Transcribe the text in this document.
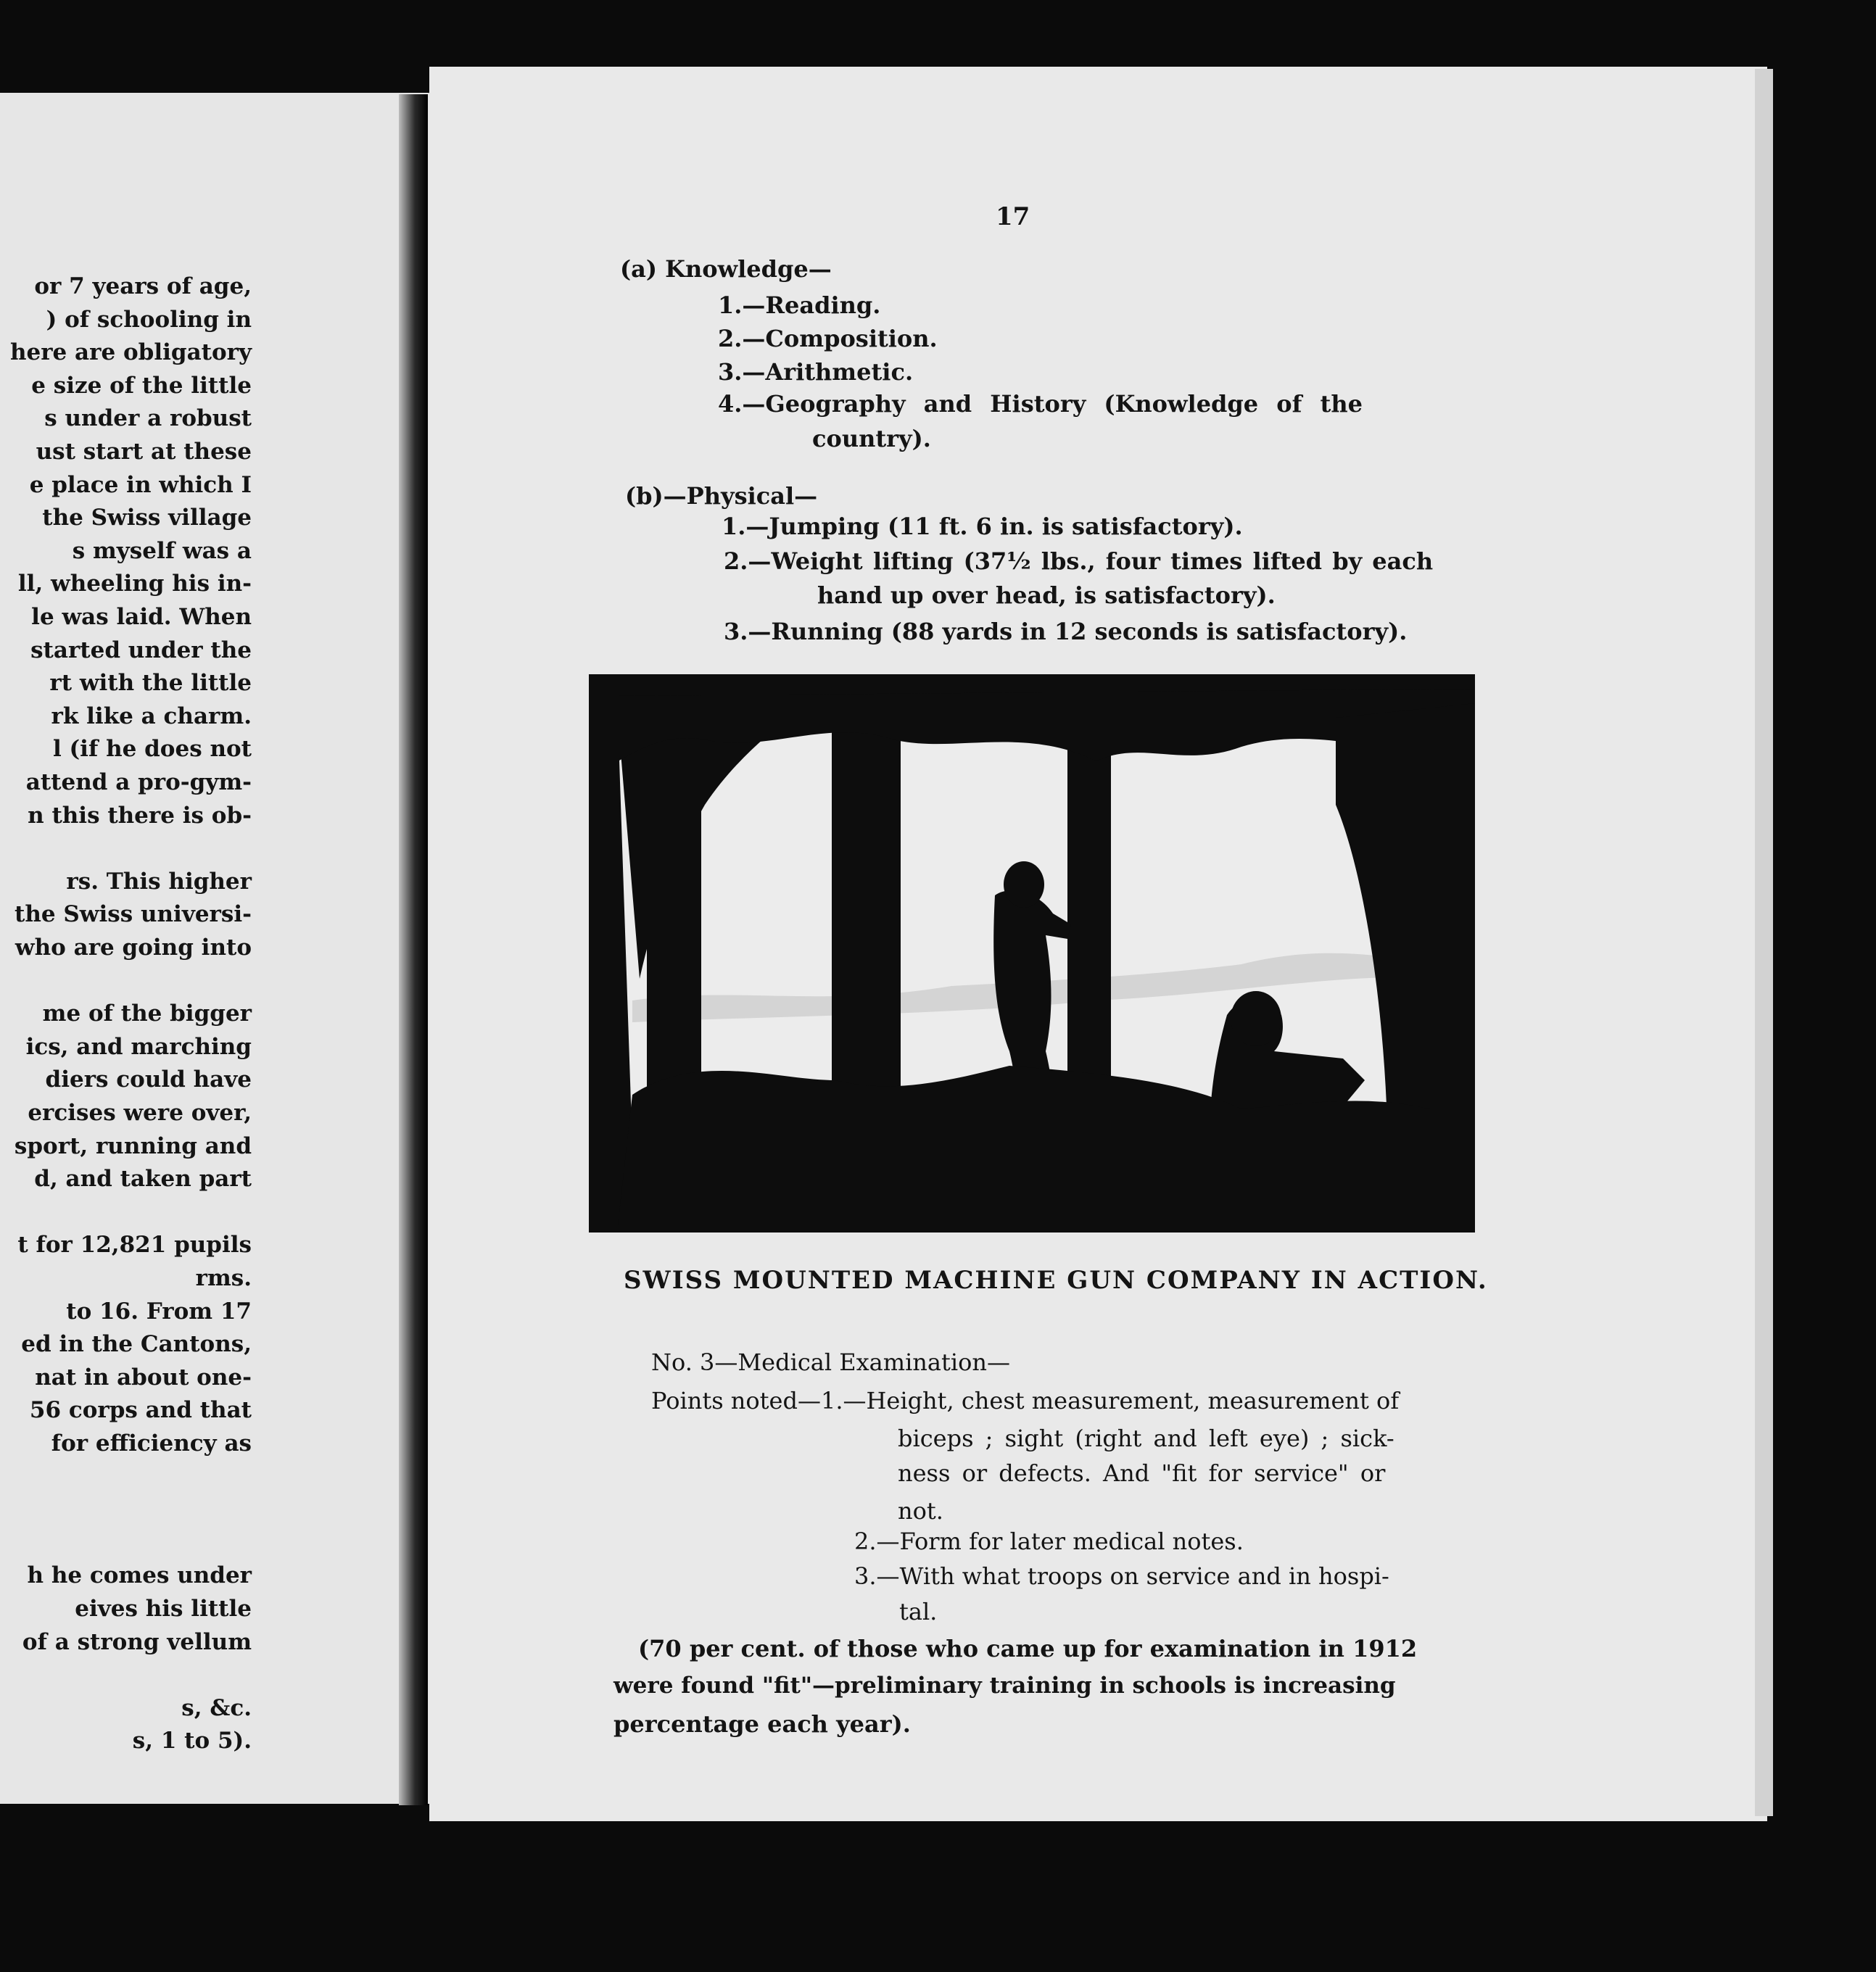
or 7 years of age,
) of schooling in
here are obligatory
e size of the little
s under a robust
ust start at these
e place in which I
the Swiss village
s myself was a
ll, wheeling his in-
le was laid. When
started under the
rt with the little
rk like a charm.
l (if he does not
attend a pro-gym-
n this there is ob-
rs. This higher
the Swiss universi-
who are going into
me of the bigger
ics, and marching
diers could have
ercises were over,
sport, running and
d, and taken part
t for 12,821 pupils
rms.
to 16. From 17
ed in the Cantons,
nat in about one-
56 corps and that
for efficiency as
h he comes under
eives his little
of a strong vellum
s, &c.
s, 1 to 5).
17
(a) Knowledge—
1.—Reading.
2.—Composition.
3.—Arithmetic.
4.—Geography and History (Knowledge of the
country).
(b)—Physical—
1.—Jumping (11 ft. 6 in. is satisfactory).
2.—Weight lifting (37½ lbs., four times lifted by each
hand up over head, is satisfactory).
3.—Running (88 yards in 12 seconds is satisfactory).
SWISS MOUNTED MACHINE GUN COMPANY IN ACTION.
No. 3—Medical Examination—
Points noted—1.—Height, chest measurement, measurement of
biceps ; sight (right and left eye) ; sick-
ness or defects. And "fit for service" or
not.
2.—Form for later medical notes.
3.—With what troops on service and in hospi-
tal.
(70 per cent. of those who came up for examination in 1912
were found "fit"—preliminary training in schools is increasing
percentage each year).
